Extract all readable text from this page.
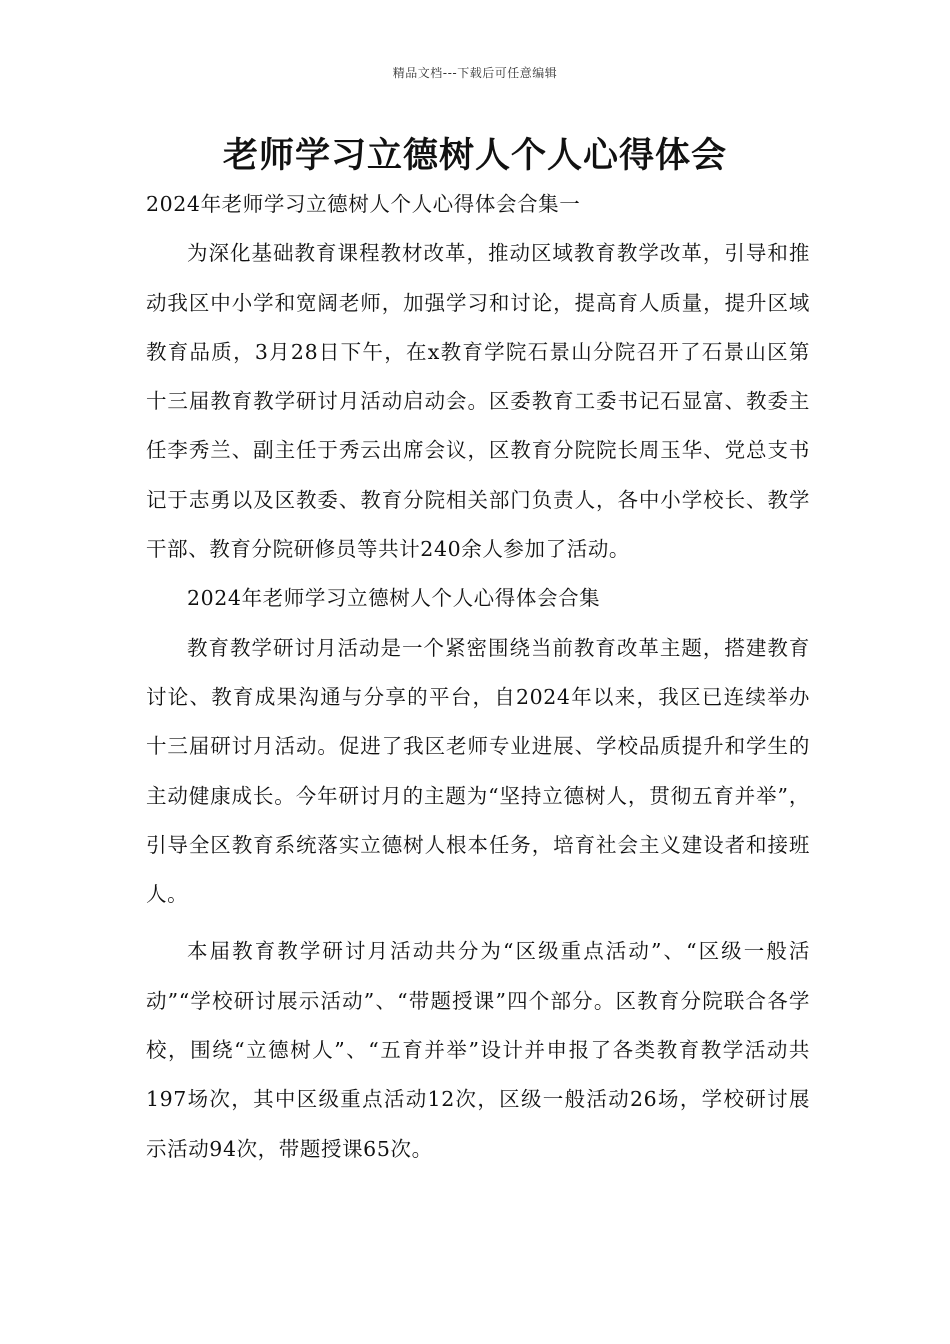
精品文档---下载后可任意编辑
老师学习立德树人个人心得体会

2024年老师学习立德树人个人心得体会合集一

为深化基础教育课程教材改革，推动区域教育教学改革，引导和推动我区中小学和宽阔老师，加强学习和讨论，提高育人质量，提升区域教育品质，3月28日下午，在x教育学院石景山分院召开了石景山区第十三届教育教学研讨月活动启动会。区委教育工委书记石显富、教委主任李秀兰、副主任于秀云出席会议，区教育分院院长周玉华、党总支书记于志勇以及区教委、教育分院相关部门负责人，各中小学校长、教学干部、教育分院研修员等共计240余人参加了活动。

2024年老师学习立德树人个人心得体会合集

教育教学研讨月活动是一个紧密围绕当前教育改革主题，搭建教育讨论、教育成果沟通与分享的平台，自2024年以来，我区已连续举办十三届研讨月活动。促进了我区老师专业进展、学校品质提升和学生的主动健康成长。今年研讨月的主题为“坚持立德树人，贯彻五育并举”，引导全区教育系统落实立德树人根本任务，培育社会主义建设者和接班人。

本届教育教学研讨月活动共分为“区级重点活动”、“区级一般活动”“学校研讨展示活动”、“带题授课”四个部分。区教育分院联合各学校，围绕“立德树人”、“五育并举”设计并申报了各类教育教学活动共197场次，其中区级重点活动12次，区级一般活动26场，学校研讨展示活动94次，带题授课65次。
